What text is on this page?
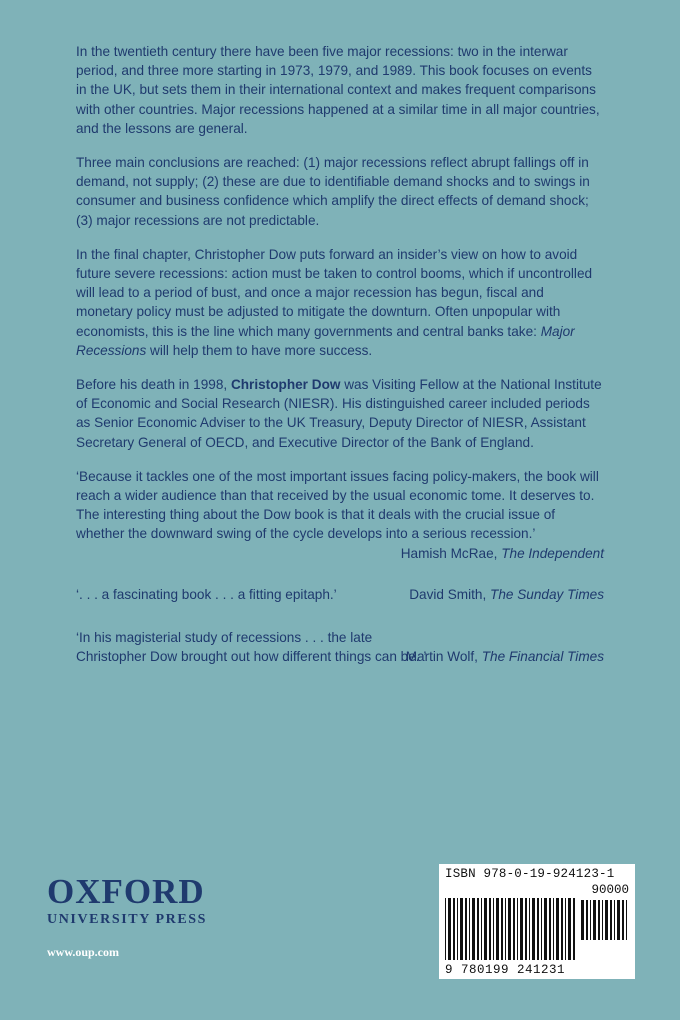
In the twentieth century there have been five major recessions: two in the interwar period, and three more starting in 1973, 1979, and 1989. This book focuses on events in the UK, but sets them in their international context and makes frequent comparisons with other countries. Major recessions happened at a similar time in all major countries, and the lessons are general.

Three main conclusions are reached: (1) major recessions reflect abrupt fallings off in demand, not supply; (2) these are due to identifiable demand shocks and to swings in consumer and business confidence which amplify the direct effects of demand shock; (3) major recessions are not predictable.

In the final chapter, Christopher Dow puts forward an insider’s view on how to avoid future severe recessions: action must be taken to control booms, which if uncontrolled will lead to a period of bust, and once a major recession has begun, fiscal and monetary policy must be adjusted to mitigate the downturn. Often unpopular with economists, this is the line which many governments and central banks take: Major Recessions will help them to have more success.

Before his death in 1998, Christopher Dow was Visiting Fellow at the National Institute of Economic and Social Research (NIESR). His distinguished career included periods as Senior Economic Adviser to the UK Treasury, Deputy Director of NIESR, Assistant Secretary General of OECD, and Executive Director of the Bank of England.

‘Because it tackles one of the most important issues facing policy-makers, the book will reach a wider audience than that received by the usual economic tome. It deserves to. The interesting thing about the Dow book is that it deals with the crucial issue of whether the downward swing of the cycle develops into a serious recession.’
Hamish McRae, The Independent
‘. . . a fascinating book . . . a fitting epitaph.’	David Smith, The Sunday Times
‘In his magisterial study of recessions . . . the late Christopher Dow brought out how different things can be. ’
Martin Wolf, The Financial Times
OXFORD
UNIVERSITY PRESS
www.oup.com
ISBN 978-0-19-924123-1
90000
9 780199 241231
